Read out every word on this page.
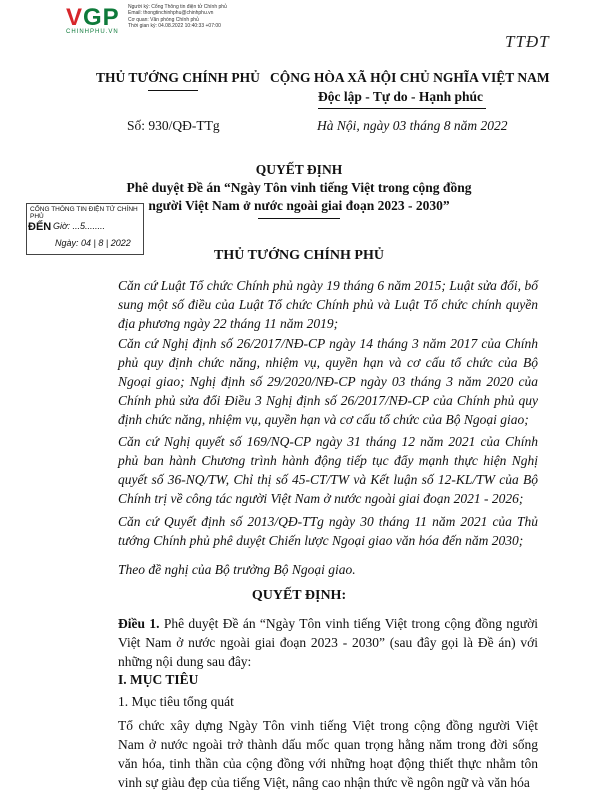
VGP
CHINHPHU.VN
Người ký: Cổng Thông tin điện tử Chính phủ
Email: thongtinchinhphu@chinhphu.vn
Cơ quan: Văn phòng Chính phủ
Thời gian ký: 04.08.2022 10:40:33 +07:00
TTĐT
THỦ TƯỚNG CHÍNH PHỦ CỘNG HÒA XÃ HỘI CHỦ NGHĨA VIỆT NAM
Độc lập - Tự do - Hạnh phúc
Số: 930/QĐ-TTg	Hà Nội, ngày 03 tháng 8 năm 2022
QUYẾT ĐỊNH
Phê duyệt Đề án “Ngày Tôn vinh tiếng Việt trong cộng đồng
người Việt Nam ở nước ngoài giai đoạn 2023 - 2030”
CỔNG THÔNG TIN ĐIỆN TỬ CHÍNH PHỦ
ĐẾN Giờ: ...5........
Ngày: 04 | 8 | 2022
THỦ TƯỚNG CHÍNH PHỦ

Căn cứ Luật Tổ chức Chính phủ ngày 19 tháng 6 năm 2015; Luật sửa đổi, bổ sung một số điều của Luật Tổ chức Chính phủ và Luật Tổ chức chính quyền địa phương ngày 22 tháng 11 năm 2019;

Căn cứ Nghị định số 26/2017/NĐ-CP ngày 14 tháng 3 năm 2017 của Chính phủ quy định chức năng, nhiệm vụ, quyền hạn và cơ cấu tổ chức của Bộ Ngoại giao; Nghị định số 29/2020/NĐ-CP ngày 03 tháng 3 năm 2020 của Chính phủ sửa đổi Điều 3 Nghị định số 26/2017/NĐ-CP của Chính phủ quy định chức năng, nhiệm vụ, quyền hạn và cơ cấu tổ chức của Bộ Ngoại giao;

Căn cứ Nghị quyết số 169/NQ-CP ngày 31 tháng 12 năm 2021 của Chính phủ ban hành Chương trình hành động tiếp tục đẩy mạnh thực hiện Nghị quyết số 36-NQ/TW, Chỉ thị số 45-CT/TW và Kết luận số 12-KL/TW của Bộ Chính trị về công tác người Việt Nam ở nước ngoài giai đoạn 2021 - 2026;

Căn cứ Quyết định số 2013/QĐ-TTg ngày 30 tháng 11 năm 2021 của Thủ tướng Chính phủ phê duyệt Chiến lược Ngoại giao văn hóa đến năm 2030;

Theo đề nghị của Bộ trưởng Bộ Ngoại giao.

QUYẾT ĐỊNH:
Điều 1. Phê duyệt Đề án “Ngày Tôn vinh tiếng Việt trong cộng đồng người Việt Nam ở nước ngoài giai đoạn 2023 - 2030” (sau đây gọi là Đề án) với những nội dung sau đây:
I. MỤC TIÊU
1. Mục tiêu tổng quát
Tổ chức xây dựng Ngày Tôn vinh tiếng Việt trong cộng đồng người Việt Nam ở nước ngoài trở thành dấu mốc quan trọng hằng năm trong đời sống văn hóa, tinh thần của cộng đồng với những hoạt động thiết thực nhằm tôn vinh sự giàu đẹp của tiếng Việt, nâng cao nhận thức về ngôn ngữ và văn hóa
